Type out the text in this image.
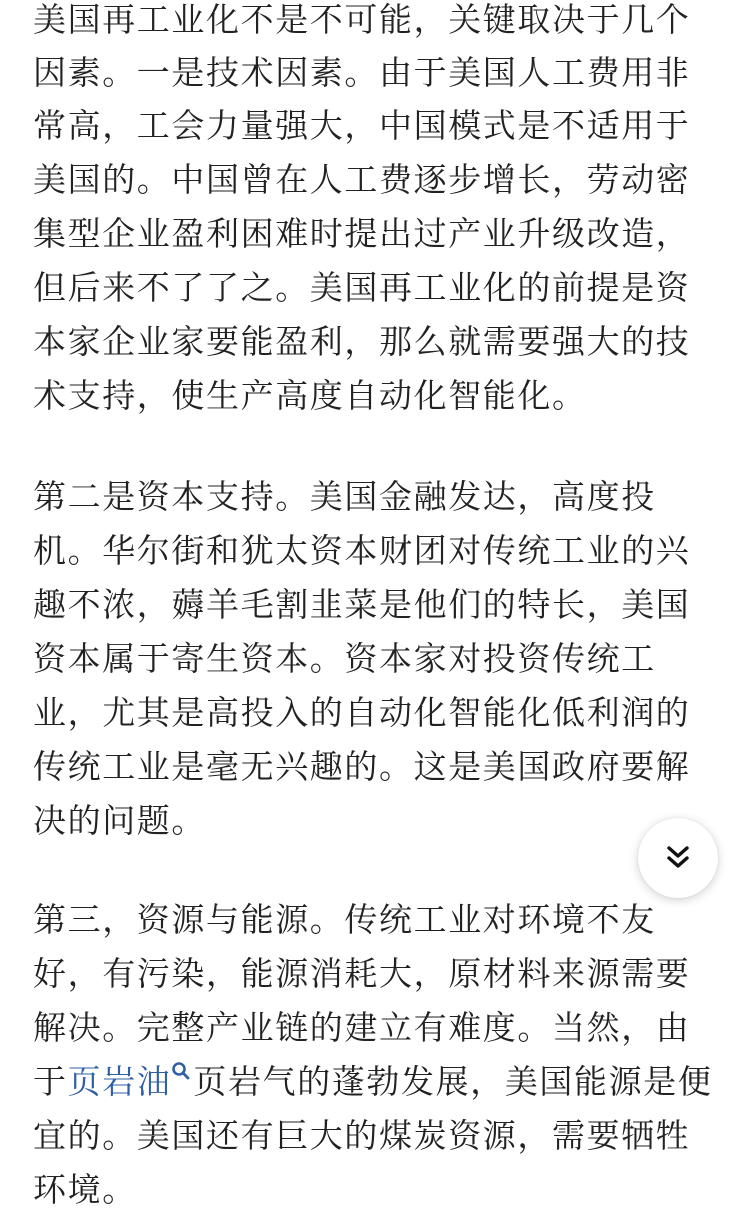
美国再工业化不是不可能，关键取决于几个
因素。一是技术因素。由于美国人工费用非
常高，工会力量强大，中国模式是不适用于
美国的。中国曾在人工费逐步增长，劳动密
集型企业盈利困难时提出过产业升级改造，
但后来不了了之。美国再工业化的前提是资
本家企业家要能盈利，那么就需要强大的技
术支持，使生产高度自动化智能化。
第二是资本支持。美国金融发达，高度投
机。华尔街和犹太资本财团对传统工业的兴
趣不浓，薅羊毛割韭菜是他们的特长，美国
资本属于寄生资本。资本家对投资传统工
业，尤其是高投入的自动化智能化低利润的
传统工业是毫无兴趣的。这是美国政府要解
决的问题。
第三，资源与能源。传统工业对环境不友
好，有污染，能源消耗大，原材料来源需要
解决。完整产业链的建立有难度。当然，由
于页岩油 页岩气的蓬勃发展，美国能源是便
宜的。美国还有巨大的煤炭资源，需要牺牲
环境。
